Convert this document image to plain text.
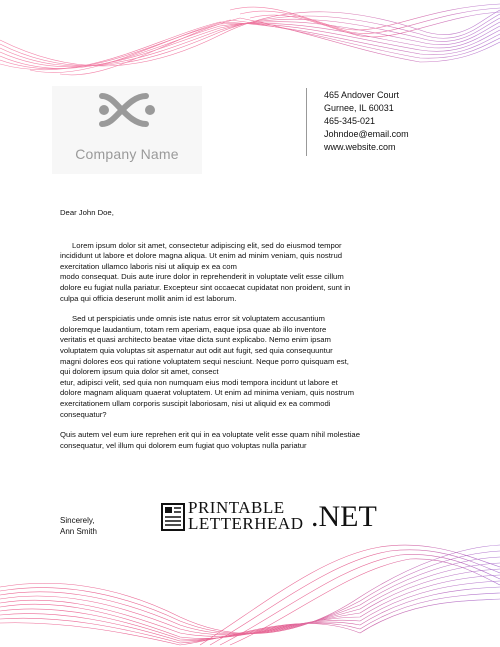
Company Name
465 Andover Court
Gurnee, IL 60031
465-345-021
Johndoe@email.com
www.website.com
Dear John Doe,
Lorem ipsum dolor sit amet, consectetur adipiscing elit, sed do eiusmod tempor
incididunt ut labore et dolore magna aliqua. Ut enim ad minim veniam, quis nostrud
exercitation ullamco laboris nisi ut aliquip ex ea com
modo consequat. Duis aute irure dolor in reprehenderit in voluptate velit esse cillum
dolore eu fugiat nulla pariatur. Excepteur sint occaecat cupidatat non proident, sunt in
culpa qui officia deserunt mollit anim id est laborum.
Sed ut perspiciatis unde omnis iste natus error sit voluptatem accusantium
doloremque laudantium, totam rem aperiam, eaque ipsa quae ab illo inventore
veritatis et quasi architecto beatae vitae dicta sunt explicabo. Nemo enim ipsam
voluptatem quia voluptas sit aspernatur aut odit aut fugit, sed quia consequuntur
magni dolores eos qui ratione voluptatem sequi nesciunt. Neque porro quisquam est,
qui dolorem ipsum quia dolor sit amet, consect
etur, adipisci velit, sed quia non numquam eius modi tempora incidunt ut labore et
dolore magnam aliquam quaerat voluptatem. Ut enim ad minima veniam, quis nostrum
exercitationem ullam corporis suscipit laboriosam, nisi ut aliquid ex ea commodi
consequatur?
Quis autem vel eum iure reprehen erit qui in ea voluptate velit esse quam nihil molestiae
consequatur, vel illum qui dolorem eum fugiat quo voluptas nulla pariatur
Sincerely,
Ann Smith
PRINTABLE
LETTERHEAD .NET
